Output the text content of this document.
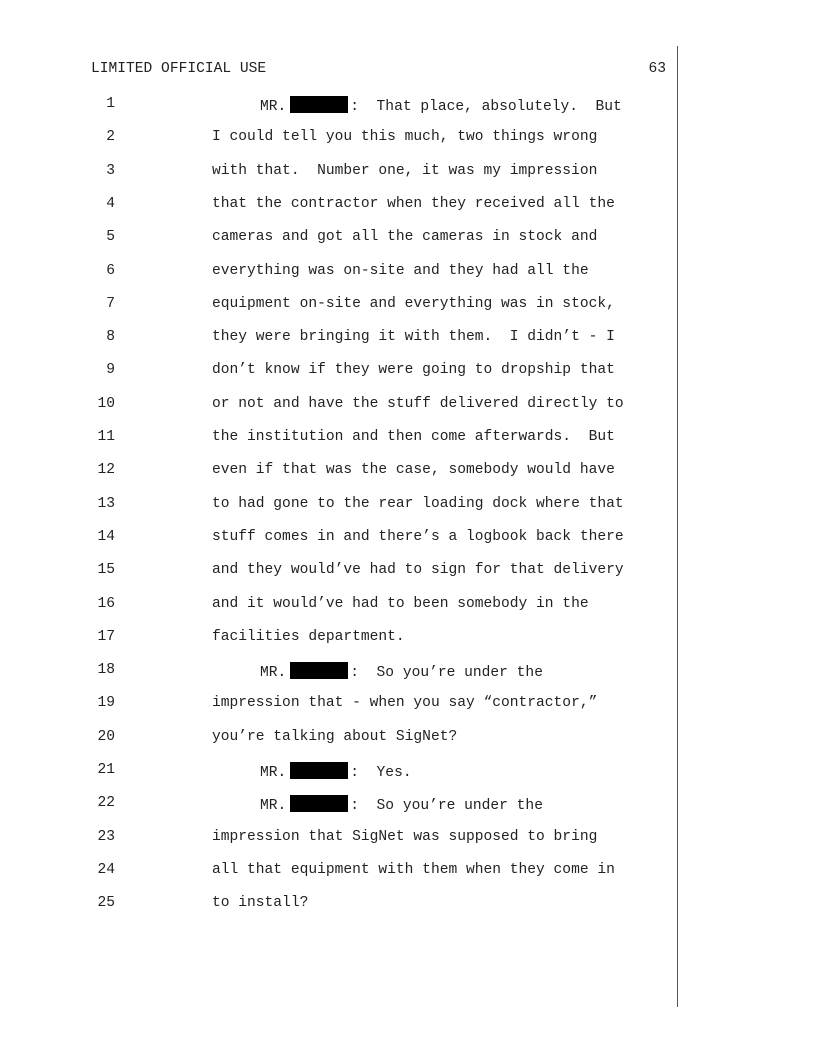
LIMITED OFFICIAL USE	63
1	MR.	:  That place, absolutely.  But
2	I could tell you this much, two things wrong
3	with that.  Number one, it was my impression
4	that the contractor when they received all the
5	cameras and got all the cameras in stock and
6	everything was on-site and they had all the
7	equipment on-site and everything was in stock,
8	they were bringing it with them.  I didn’t - I
9	don’t know if they were going to dropship that
10	or not and have the stuff delivered directly to
11	the institution and then come afterwards.  But
12	even if that was the case, somebody would have
13	to had gone to the rear loading dock where that
14	stuff comes in and there’s a logbook back there
15	and they would’ve had to sign for that delivery
16	and it would’ve had to been somebody in the
17	facilities department.
18	MR.	:  So you’re under the
19	impression that - when you say “contractor,”
20	you’re talking about SigNet?
21	MR.	:  Yes.
22	MR.	:  So you’re under the
23	impression that SigNet was supposed to bring
24	all that equipment with them when they come in
25	to install?
